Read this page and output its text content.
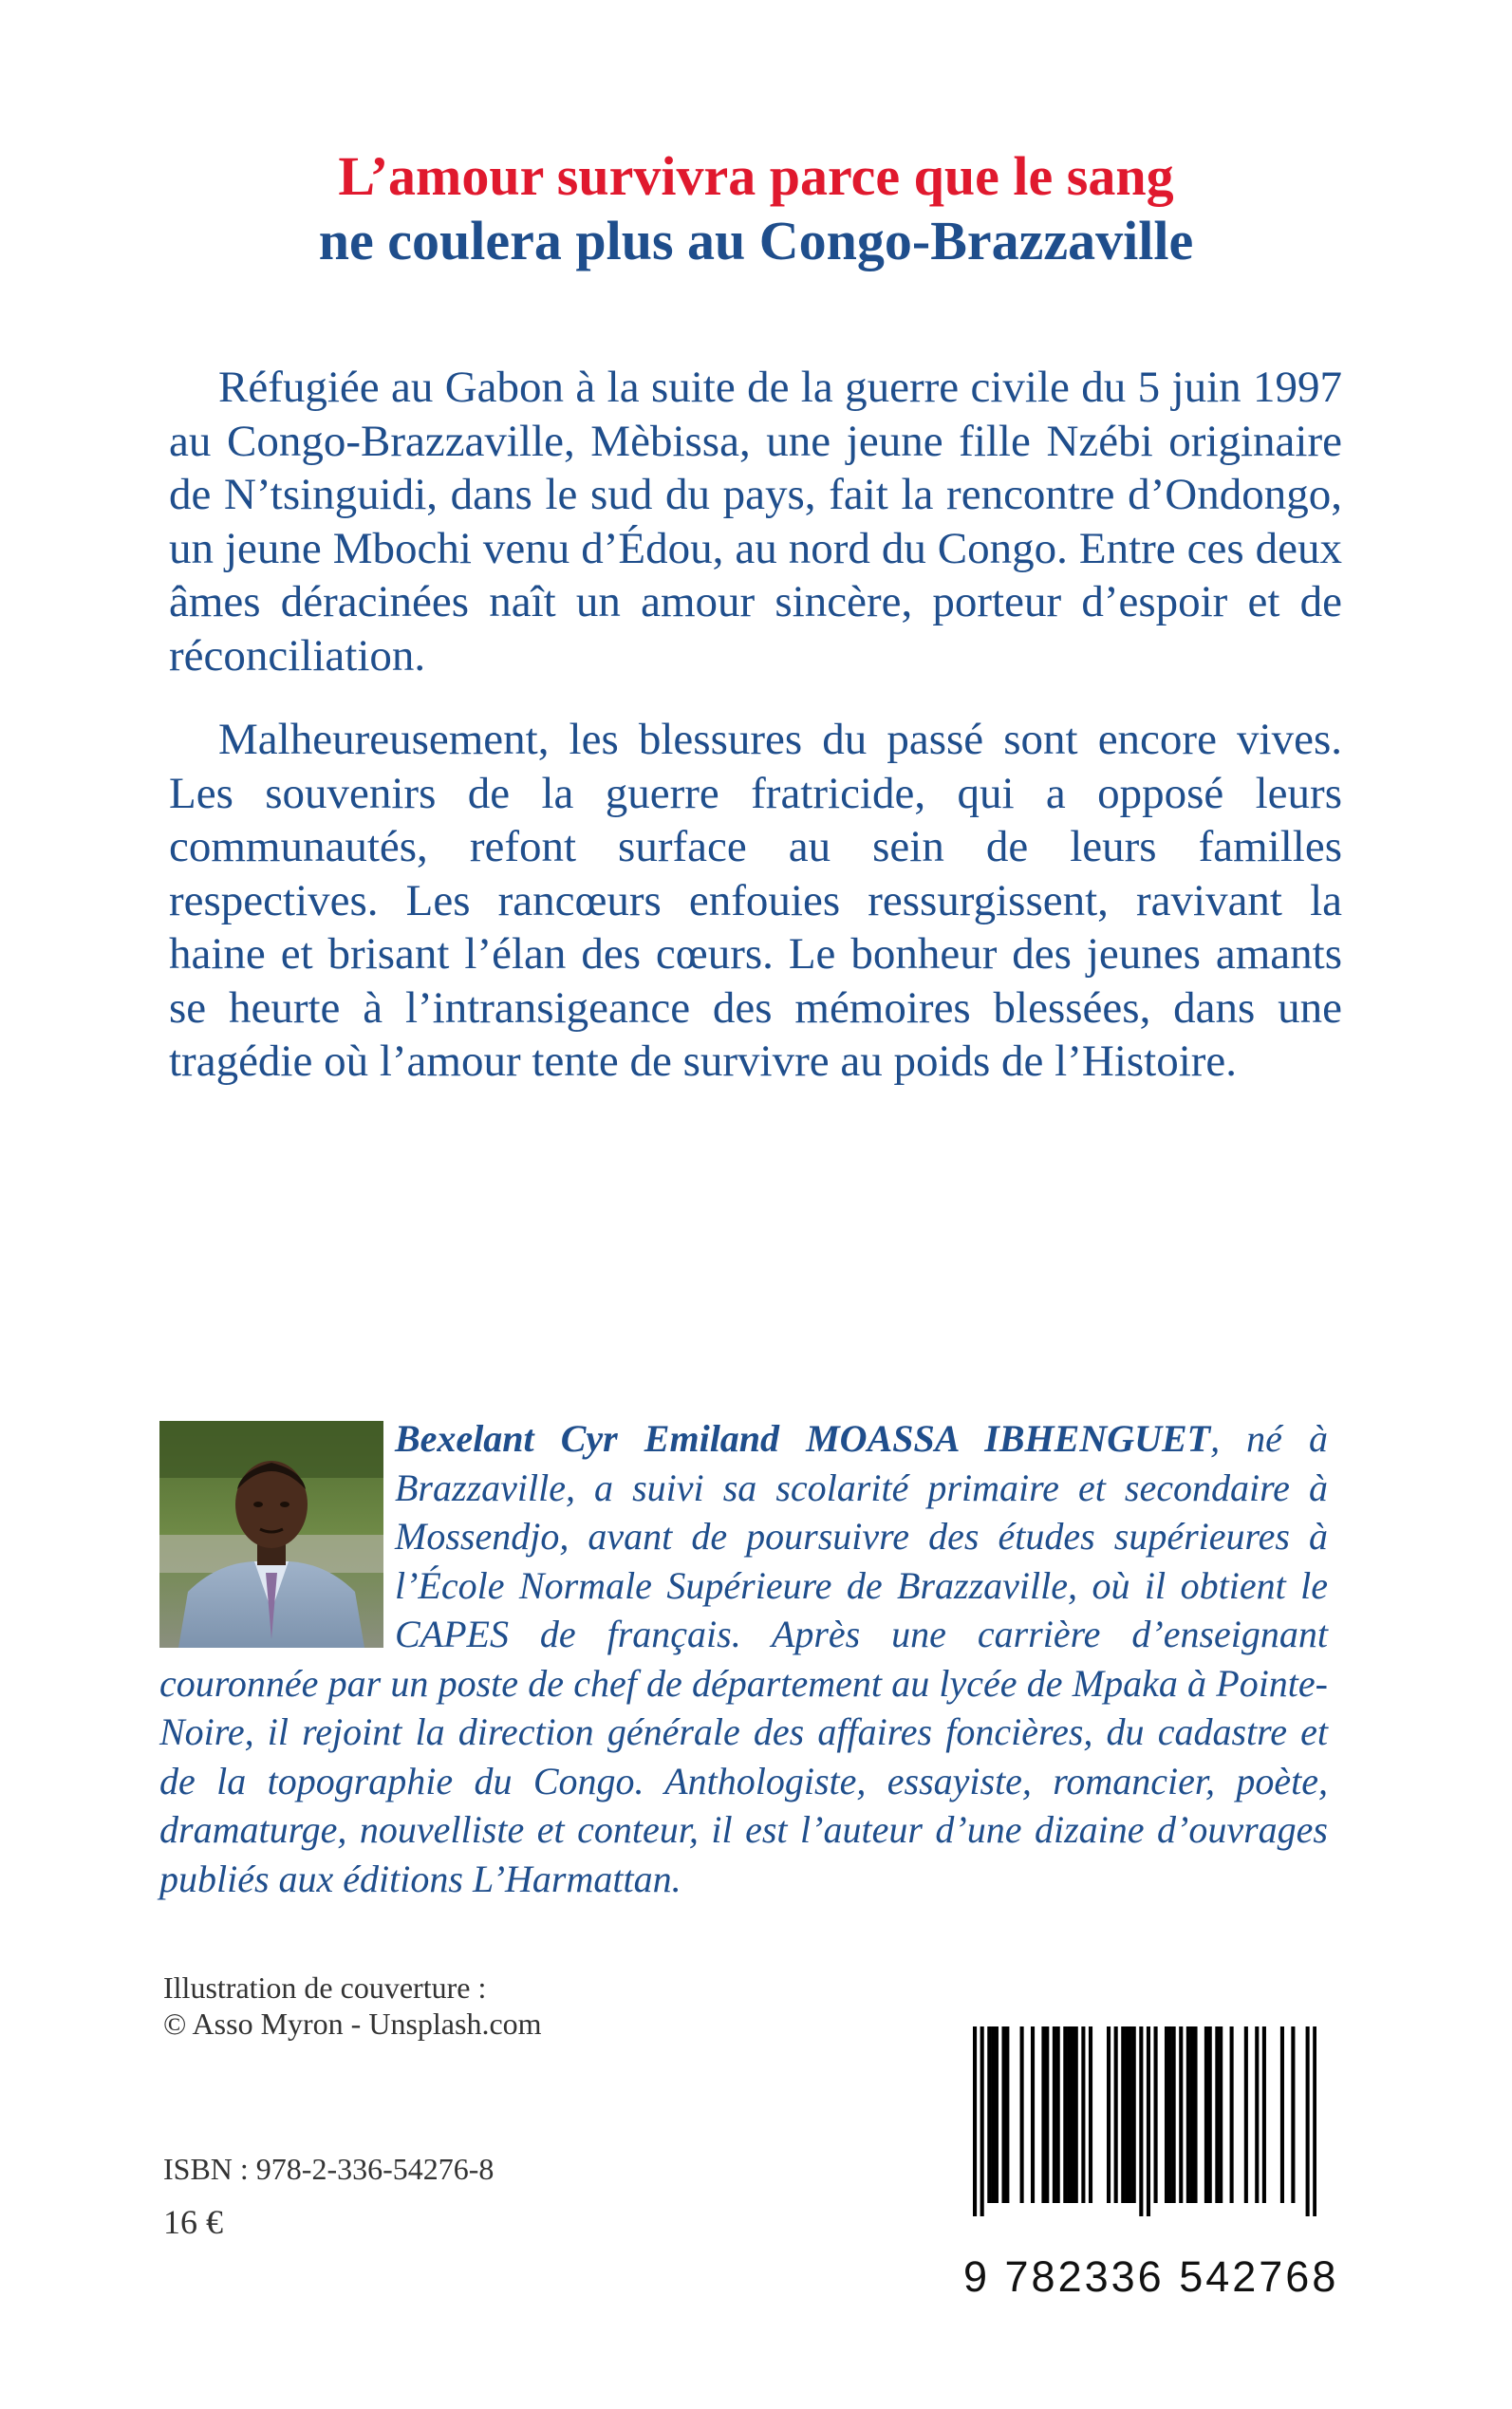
L’amour survivra parce que le sang
ne coulera plus au Congo-Brazzaville

Réfugiée au Gabon à la suite de la guerre civile du 5 juin 1997 au Congo-Brazzaville, Mèbissa, une jeune fille Nzébi originaire de N’tsinguidi, dans le sud du pays, fait la rencontre d’Ondongo, un jeune Mbochi venu d’Édou, au nord du Congo. Entre ces deux âmes déracinées naît un amour sincère, porteur d’espoir et de réconciliation.

Malheureusement, les blessures du passé sont encore vives. Les souvenirs de la guerre fratricide, qui a opposé leurs communautés, refont surface au sein de leurs familles respectives. Les rancœurs enfouies ressurgissent, ravivant la haine et brisant l’élan des cœurs. Le bonheur des jeunes amants se heurte à l’intransigeance des mémoires blessées, dans une tragédie où l’amour tente de survivre au poids de l’Histoire.

Bexelant Cyr Emiland MOASSA IBHENGUET, né à Brazzaville, a suivi sa scolarité primaire et secondaire à Mossendjo, avant de poursuivre des études supérieures à l’École Normale Supérieure de Brazzaville, où il obtient le CAPES de français. Après une carrière d’enseignant couronnée par un poste de chef de département au lycée de Mpaka à Pointe-Noire, il rejoint la direction générale des affaires foncières, du cadastre et de la topographie du Congo. Anthologiste, essayiste, romancier, poète, dramaturge, nouvelliste et conteur, il est l’auteur d’une dizaine d’ouvrages publiés aux éditions L’Harmattan.

Illustration de couverture :
© Asso Myron - Unsplash.com
ISBN : 978-2-336-54276-8
16 €
9 782336 542768
